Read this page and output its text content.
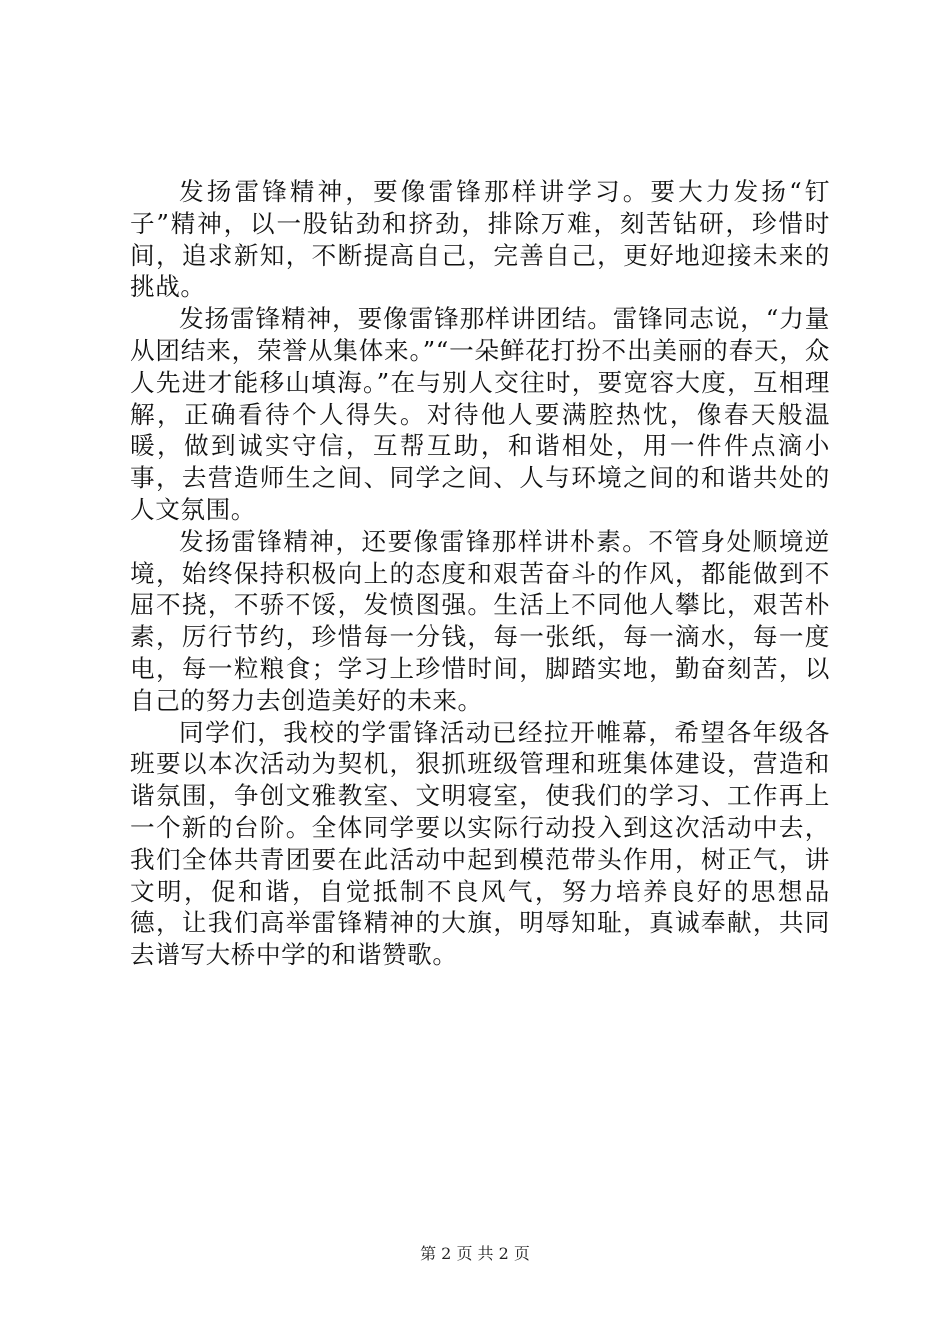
发扬雷锋精神，要像雷锋那样讲学习。要大力发扬“钉子”精神，以一股钻劲和挤劲，排除万难，刻苦钻研，珍惜时间，追求新知，不断提高自己，完善自己，更好地迎接未来的挑战。

发扬雷锋精神，要像雷锋那样讲团结。雷锋同志说，“力量从团结来，荣誉从集体来。”“一朵鲜花打扮不出美丽的春天，众人先进才能移山填海。”在与别人交往时，要宽容大度，互相理解，正确看待个人得失。对待他人要满腔热忱，像春天般温暖，做到诚实守信，互帮互助，和谐相处，用一件件点滴小事，去营造师生之间、同学之间、人与环境之间的和谐共处的人文氛围。

发扬雷锋精神，还要像雷锋那样讲朴素。不管身处顺境逆境，始终保持积极向上的态度和艰苦奋斗的作风，都能做到不屈不挠，不骄不馁，发愤图强。生活上不同他人攀比，艰苦朴素，厉行节约，珍惜每一分钱，每一张纸，每一滴水，每一度电，每一粒粮食；学习上珍惜时间，脚踏实地，勤奋刻苦，以自己的努力去创造美好的未来。

同学们，我校的学雷锋活动已经拉开帷幕，希望各年级各班要以本次活动为契机，狠抓班级管理和班集体建设，营造和谐氛围，争创文雅教室、文明寝室，使我们的学习、工作再上一个新的台阶。全体同学要以实际行动投入到这次活动中去，我们全体共青团要在此活动中起到模范带头作用，树正气，讲文明，促和谐，自觉抵制不良风气，努力培养良好的思想品德，让我们高举雷锋精神的大旗，明辱知耻，真诚奉献，共同去谱写大桥中学的和谐赞歌。

第 2 页 共 2 页
